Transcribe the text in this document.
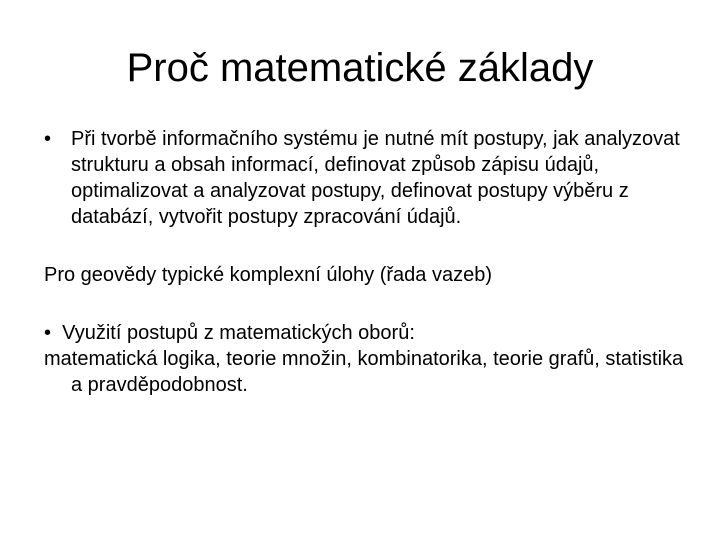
Proč matematické základy

• Při tvorbě informačního systému je nutné mít postupy, jak analyzovat strukturu a obsah informací, definovat způsob zápisu údajů, optimalizovat a analyzovat postupy, definovat postupy výběru z databází, vytvořit postupy zpracování údajů.

Pro geovědy typické komplexní úlohy (řada vazeb)

• Využití postupů z matematických oborů:

matematická logika, teorie množin, kombinatorika, teorie grafů, statistika a pravděpodobnost.
